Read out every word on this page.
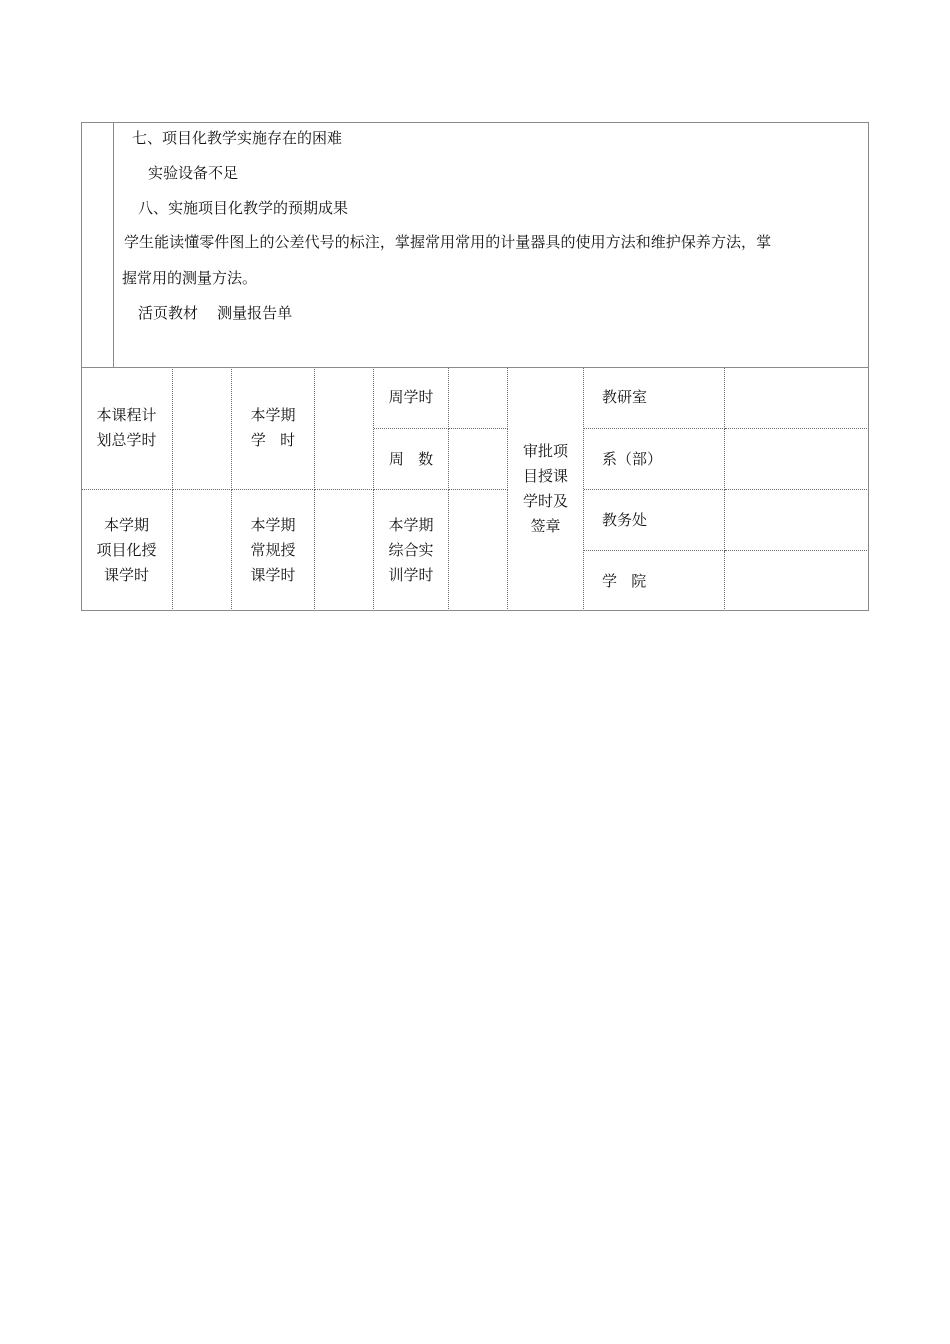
七、项目化教学实施存在的困难
实验设备不足
八、实施项目化教学的预期成果
学生能读懂零件图上的公差代号的标注，掌握常用常用的计量器具的使用方法和维护保养方法，掌
握常用的测量方法。
活页教材    测量报告单
本课程计
划总学时
本学期
学   时
周学时
周   数	审批项
目授课
学时及
签章
教研室
系（部）
教务处
学   院
本学期
项目化授
课学时
本学期
常规授
课学时
本学期
综合实
训学时
